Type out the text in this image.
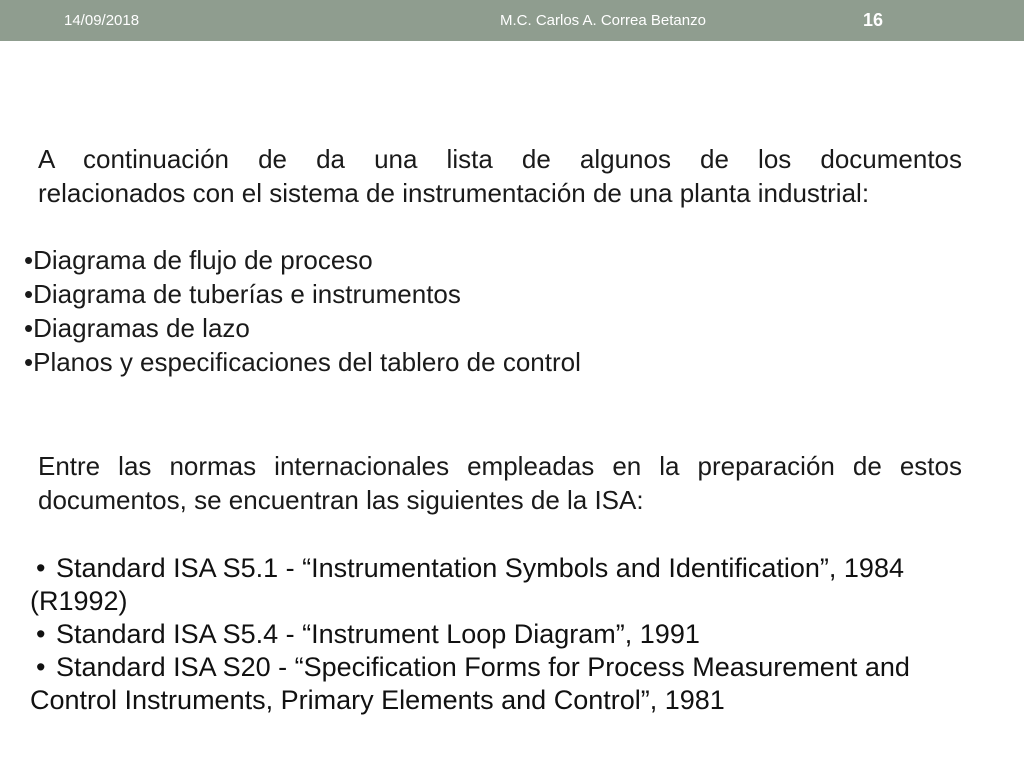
14/09/2018	M.C. Carlos A. Correa Betanzo	16

A continuación de da una lista de algunos de los documentos
relacionados con el sistema de instrumentación de una planta industrial:

•Diagrama de flujo de proceso
•Diagrama de tuberías e instrumentos
•Diagramas de lazo
•Planos y especificaciones del tablero de control

Entre las normas internacionales empleadas en la preparación de estos
documentos, se encuentran las siguientes de la ISA:

• Standard ISA S5.1 - “Instrumentation Symbols and Identification”, 1984
(R1992)
• Standard ISA S5.4 - “Instrument Loop Diagram”, 1991
• Standard ISA S20 - “Specification Forms for Process Measurement and
Control Instruments, Primary Elements and Control”, 1981
